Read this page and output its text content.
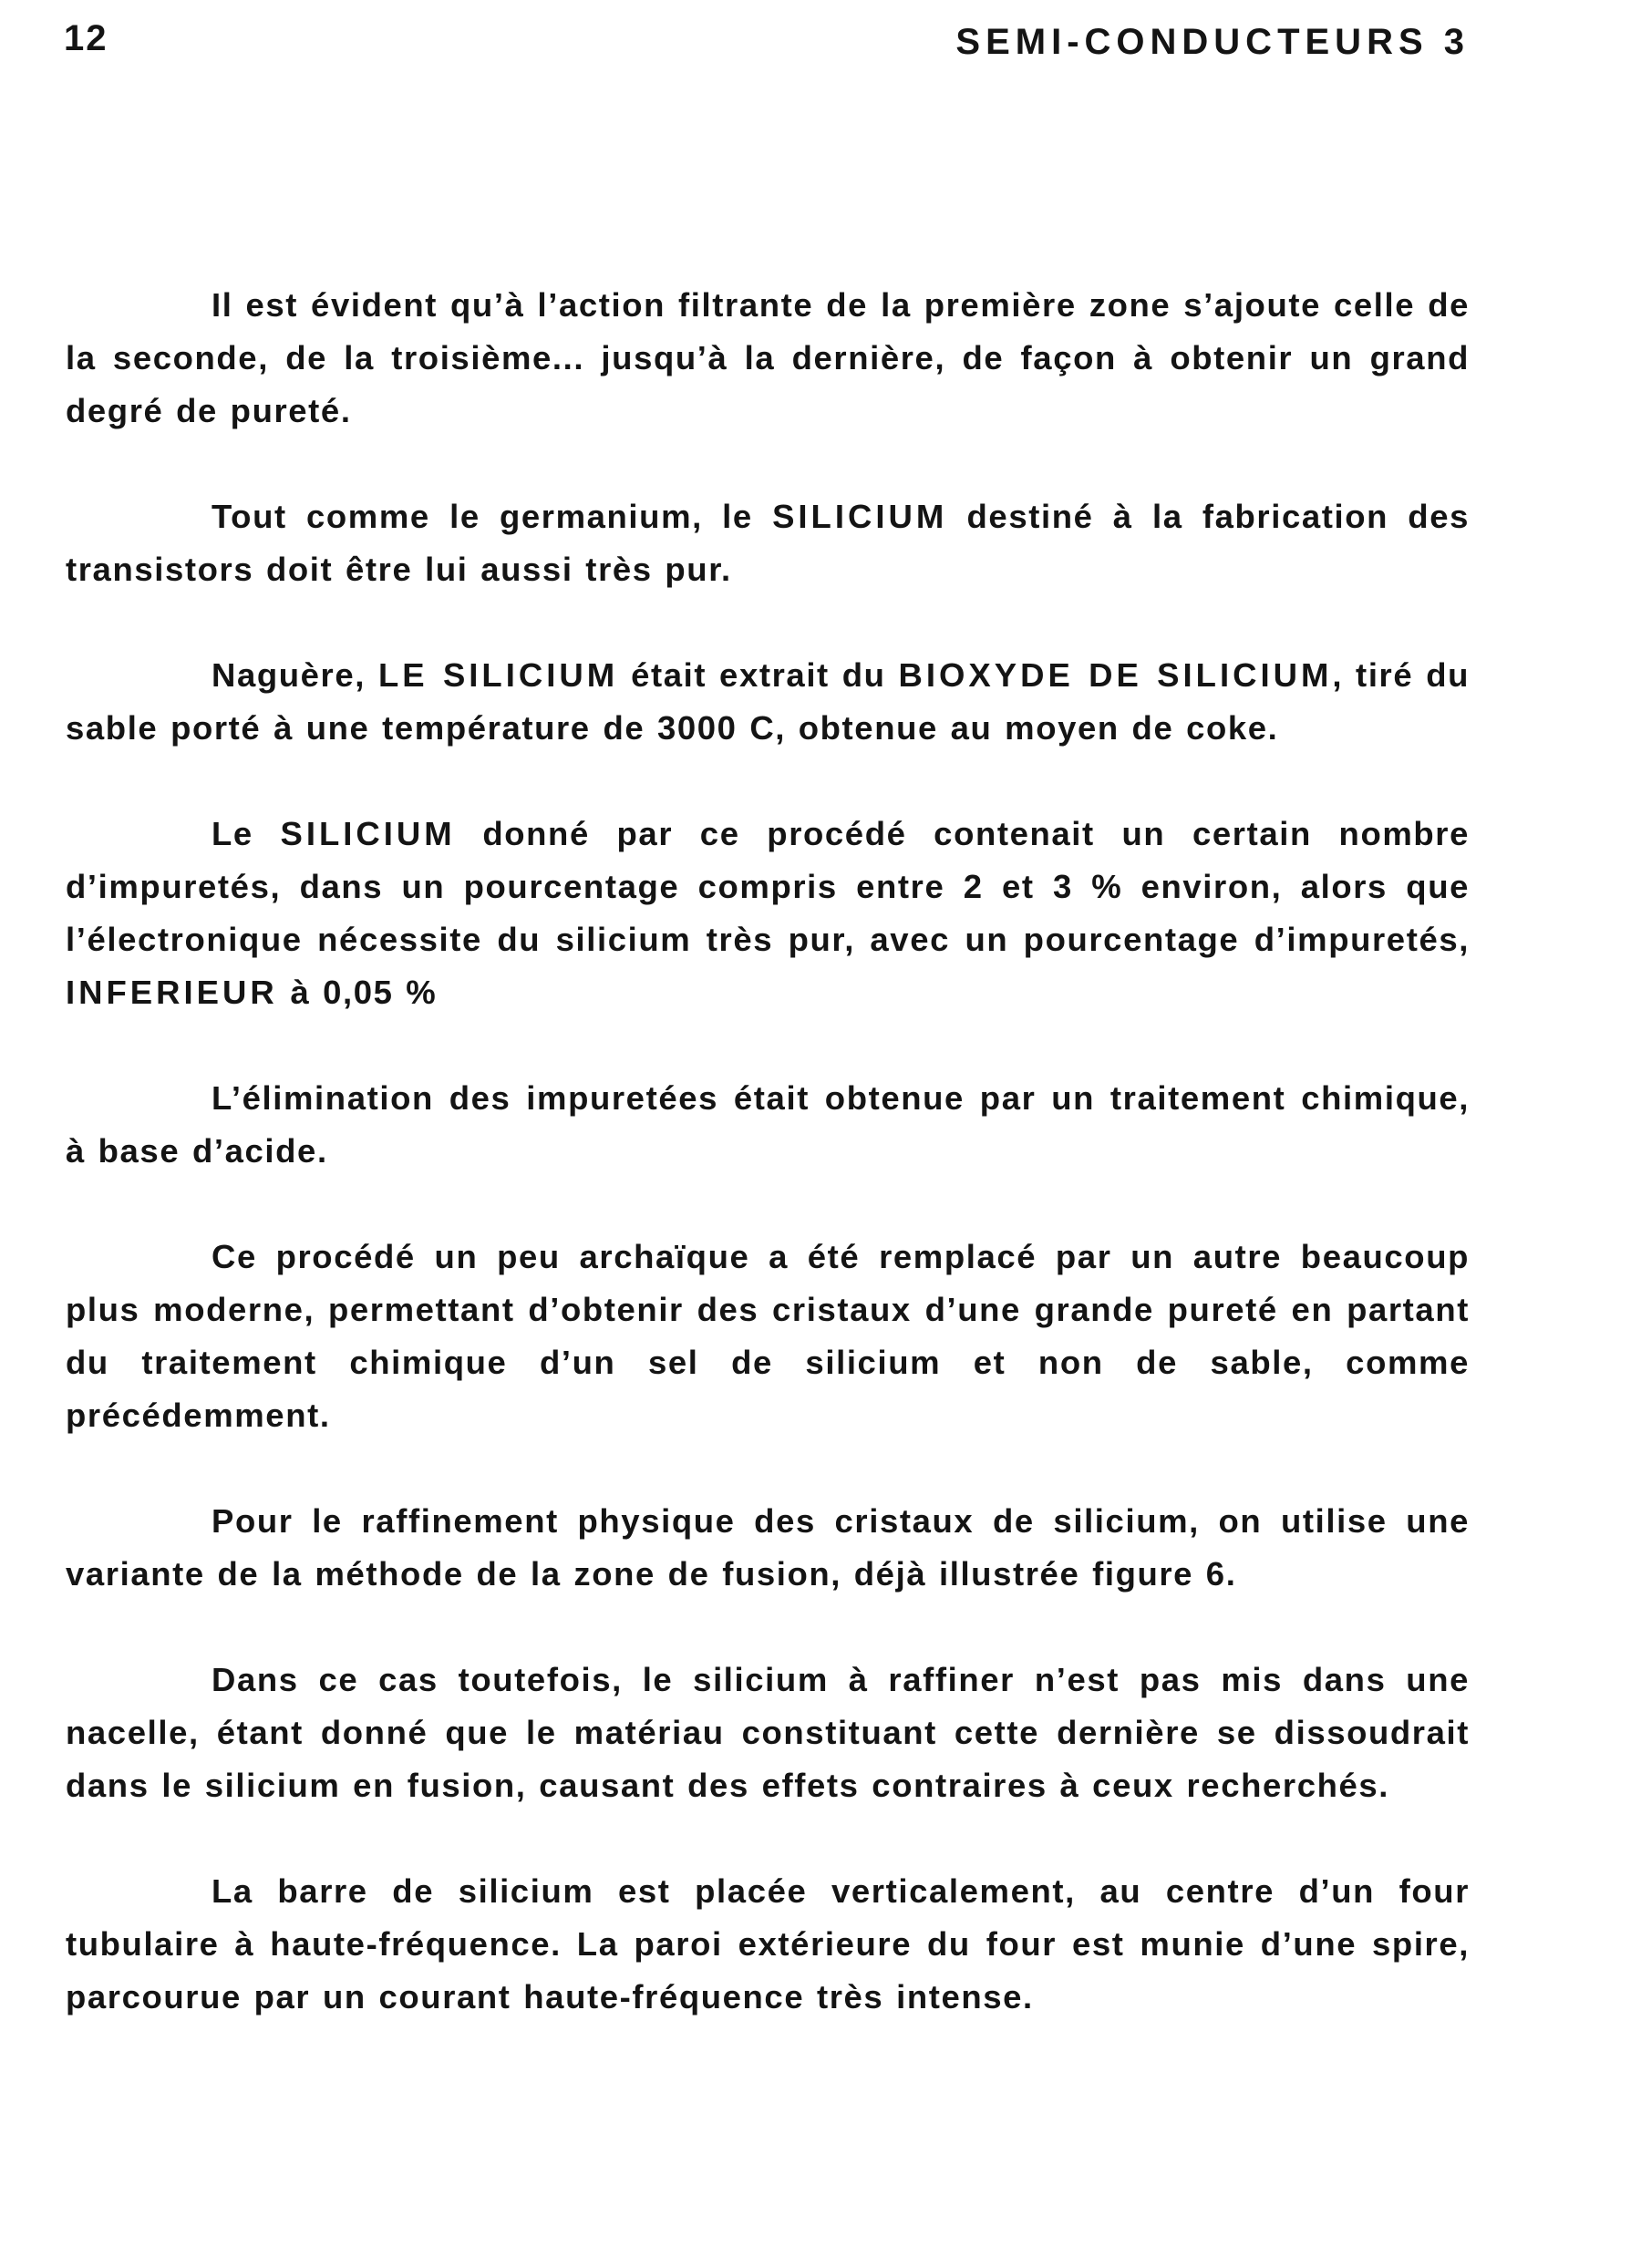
12	SEMI-CONDUCTEURS 3

Il est évident qu’à l’action filtrante de la première zone s’ajoute celle de la seconde, de la troisième... jusqu’à la dernière, de façon à obtenir un grand degré de pureté.

Tout comme le germanium, le SILICIUM destiné à la fabrication des transistors doit être lui aussi très pur.

Naguère, LE SILICIUM était extrait du BIOXYDE DE SILICIUM, tiré du sable porté à une température de 3000 C, obtenue au moyen de coke.

Le SILICIUM donné par ce procédé contenait un certain nombre d’impuretés, dans un pourcentage compris entre 2 et 3 % environ, alors que l’électronique nécessite du silicium très pur, avec un pourcentage d’impuretés, INFERIEUR à 0,05 %

L’élimination des impuretées était obtenue par un traitement chimique, à base d’acide.

Ce procédé un peu archaïque a été remplacé par un autre beaucoup plus moderne, permettant d’obtenir des cristaux d’une grande pureté en partant du traitement chimique d’un sel de silicium et non de sable, comme précédemment.

Pour le raffinement physique des cristaux de silicium, on utilise une variante de la méthode de la zone de fusion, déjà illustrée figure 6.

Dans ce cas toutefois, le silicium à raffiner n’est pas mis dans une nacelle, étant donné que le matériau constituant cette dernière se dissoudrait dans le silicium en fusion, causant des effets contraires à ceux recherchés.

La barre de silicium est placée verticalement, au centre d’un four tubulaire à haute-fréquence. La paroi extérieure du four est munie d’une spire, parcourue par un courant haute-fréquence très intense.
